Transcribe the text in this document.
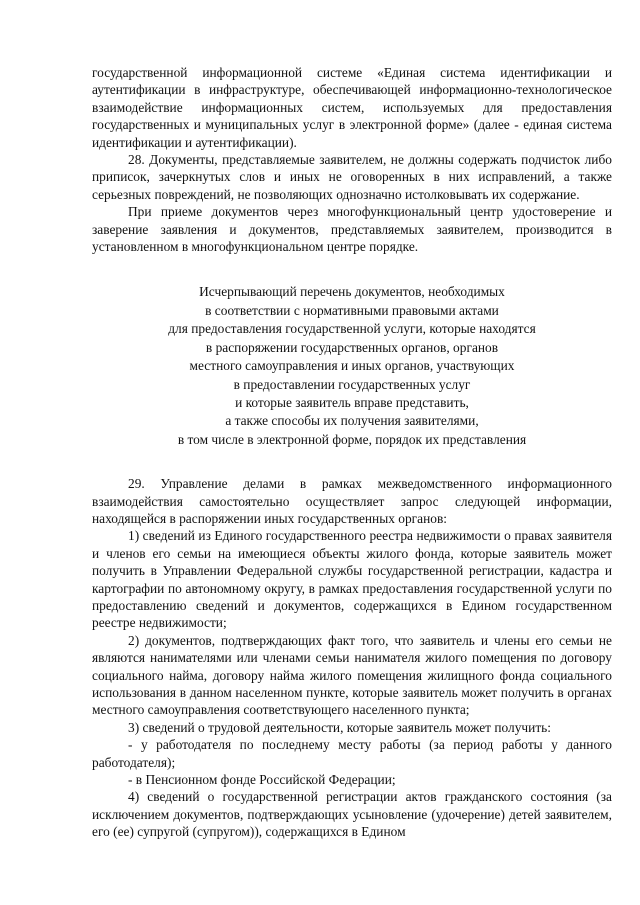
государственной информационной системе «Единая система идентификации и аутентификации в инфраструктуре, обеспечивающей информационно-технологическое взаимодействие информационных систем, используемых для предоставления государственных и муниципальных услуг в электронной форме» (далее - единая система идентификации и аутентификации).

28. Документы, представляемые заявителем, не должны содержать подчисток либо приписок, зачеркнутых слов и иных не оговоренных в них исправлений, а также серьезных повреждений, не позволяющих однозначно истолковывать их содержание.

При приеме документов через многофункциональный центр удостоверение и заверение заявления и документов, представляемых заявителем, производится в установленном в многофункциональном центре порядке.

Исчерпывающий перечень документов, необходимых
в соответствии с нормативными правовыми актами
для предоставления государственной услуги, которые находятся
в распоряжении государственных органов, органов
местного самоуправления и иных органов, участвующих
в предоставлении государственных услуг
и которые заявитель вправе представить,
а также способы их получения заявителями,
в том числе в электронной форме, порядок их представления

29. Управление делами в рамках межведомственного информационного взаимодействия самостоятельно осуществляет запрос следующей информации, находящейся в распоряжении иных государственных органов:

1) сведений из Единого государственного реестра недвижимости о правах заявителя и членов его семьи на имеющиеся объекты жилого фонда, которые заявитель может получить в Управлении Федеральной службы государственной регистрации, кадастра и картографии по автономному округу, в рамках предоставления государственной услуги по предоставлению сведений и документов, содержащихся в Едином государственном реестре недвижимости;

2) документов, подтверждающих факт того, что заявитель и члены его семьи не являются нанимателями или членами семьи нанимателя жилого помещения по договору социального найма, договору найма жилого помещения жилищного фонда социального использования в данном населенном пункте, которые заявитель может получить в органах местного самоуправления соответствующего населенного пункта;

3) сведений о трудовой деятельности, которые заявитель может получить:

- у работодателя по последнему месту работы (за период работы у данного работодателя);

- в Пенсионном фонде Российской Федерации;

4) сведений о государственной регистрации актов гражданского состояния (за исключением документов, подтверждающих усыновление (удочерение) детей заявителем, его (ее) супругой (супругом)), содержащихся в Едином
